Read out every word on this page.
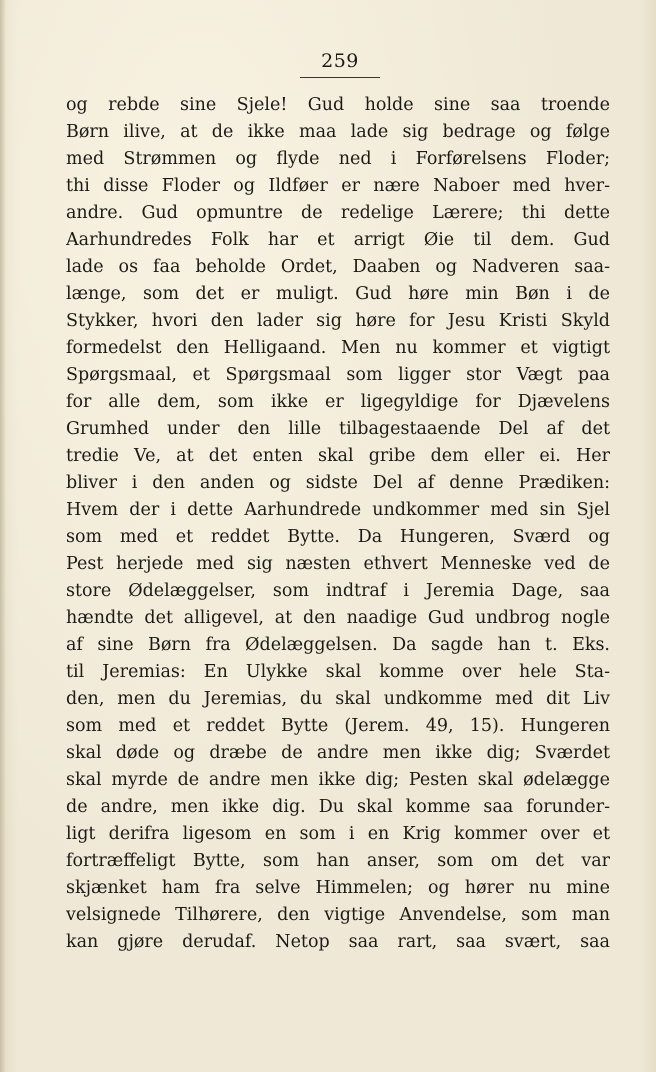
259
og rebde sine Sjele! Gud holde sine saa troende
Børn ilive, at de ikke maa lade sig bedrage og følge
med Strømmen og flyde ned i Forførelsens Floder;
thi disse Floder og Ildføer er nære Naboer med hver-
andre. Gud opmuntre de redelige Lærere; thi dette
Aarhundredes Folk har et arrigt Øie til dem. Gud
lade os faa beholde Ordet, Daaben og Nadveren saa-
længe, som det er muligt. Gud høre min Bøn i de
Stykker, hvori den lader sig høre for Jesu Kristi Skyld
formedelst den Helligaand. Men nu kommer et vigtigt
Spørgsmaal, et Spørgsmaal som ligger stor Vægt paa
for alle dem, som ikke er ligegyldige for Djævelens
Grumhed under den lille tilbagestaaende Del af det
tredie Ve, at det enten skal gribe dem eller ei. Her
bliver i den anden og sidste Del af denne Prædiken:
Hvem der i dette Aarhundrede undkommer med sin Sjel
som med et reddet Bytte. Da Hungeren, Sværd og
Pest herjede med sig næsten ethvert Menneske ved de
store Ødelæggelser, som indtraf i Jeremia Dage, saa
hændte det alligevel, at den naadige Gud undbrog nogle
af sine Børn fra Ødelæggelsen. Da sagde han t. Eks.
til Jeremias: En Ulykke skal komme over hele Sta-
den, men du Jeremias, du skal undkomme med dit Liv
som med et reddet Bytte (Jerem. 49, 15). Hungeren
skal døde og dræbe de andre men ikke dig; Sværdet
skal myrde de andre men ikke dig; Pesten skal ødelægge
de andre, men ikke dig. Du skal komme saa forunder-
ligt derifra ligesom en som i en Krig kommer over et
fortræffeligt Bytte, som han anser, som om det var
skjænket ham fra selve Himmelen; og hører nu mine
velsignede Tilhørere, den vigtige Anvendelse, som man
kan gjøre derudaf. Netop saa rart, saa svært, saa
